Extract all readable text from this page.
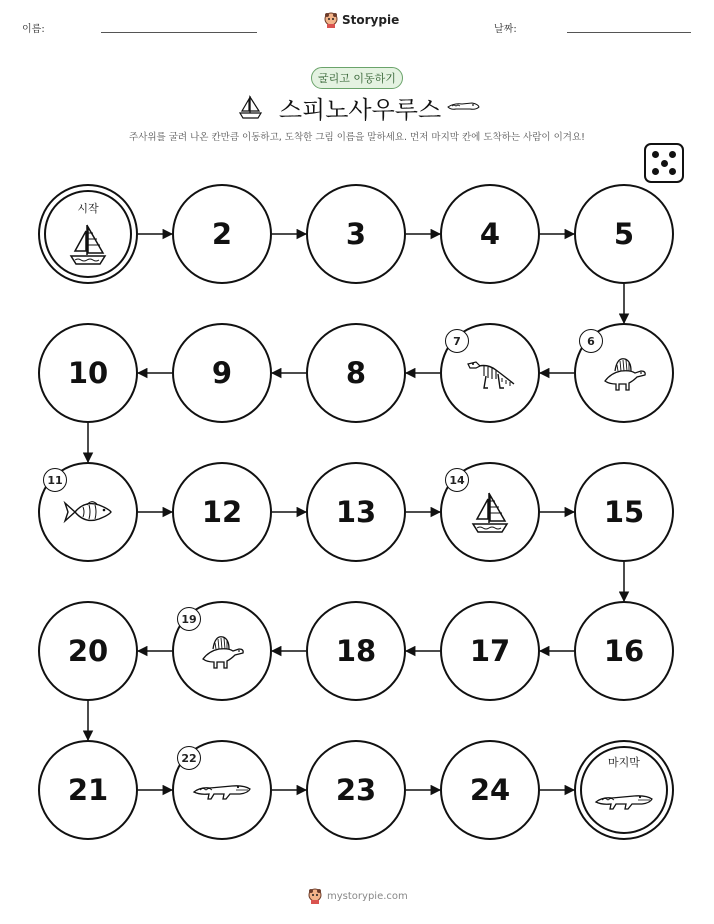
이름:
Storypie
날짜:
굴리고 이동하기
스피노사우루스
주사위를 굴려 나온 칸만큼 이동하고, 도착한 그림 이름을 말하세요. 먼저 마지막 칸에 도착하는 사람이 이겨요!
시작
2	3	4	5
6
7
8
9
10
11
12	13
14
15
16
17
18
19
20
21
22
23	24
마지막
mystorypie.com
